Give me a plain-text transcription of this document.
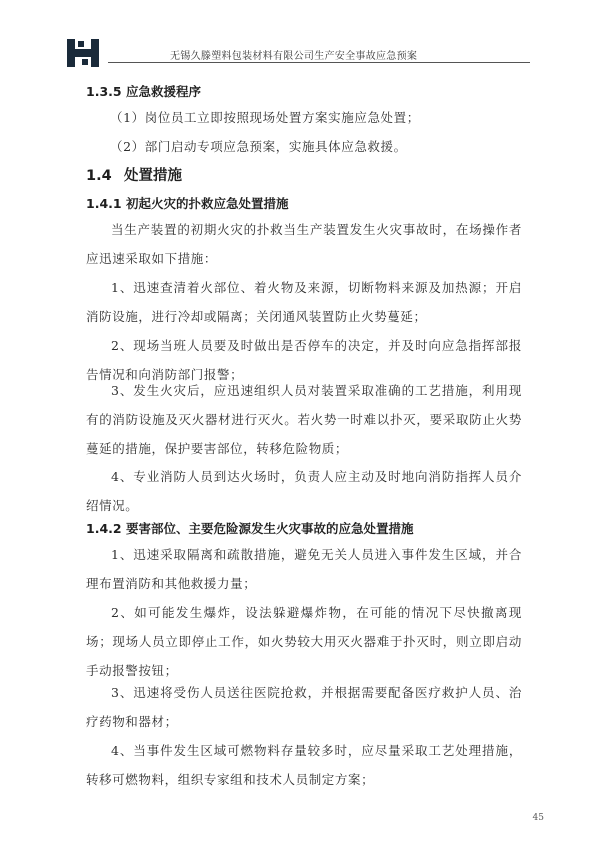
无锡久滕塑料包装材料有限公司生产安全事故应急预案
1.3.5 应急救援程序
（1）岗位员工立即按照现场处置方案实施应急处置；
（2）部门启动专项应急预案，实施具体应急救援。
1.4 处置措施
1.4.1 初起火灾的扑救应急处置措施
当生产装置的初期火灾的扑救当生产装置发生火灾事故时，在场操作者应迅速采取如下措施：
1、迅速查清着火部位、着火物及来源，切断物料来源及加热源；开启消防设施，进行冷却或隔离；关闭通风装置防止火势蔓延；
2、现场当班人员要及时做出是否停车的决定，并及时向应急指挥部报告情况和向消防部门报警；
3、发生火灾后，应迅速组织人员对装置采取准确的工艺措施，利用现有的消防设施及灭火器材进行灭火。若火势一时难以扑灭，要采取防止火势蔓延的措施，保护要害部位，转移危险物质；
4、专业消防人员到达火场时，负责人应主动及时地向消防指挥人员介绍情况。
1.4.2 要害部位、主要危险源发生火灾事故的应急处置措施
1、迅速采取隔离和疏散措施，避免无关人员进入事件发生区域，并合理布置消防和其他救援力量；
2、如可能发生爆炸，设法躲避爆炸物，在可能的情况下尽快撤离现场；现场人员立即停止工作，如火势较大用灭火器难于扑灭时，则立即启动手动报警按钮；
3、迅速将受伤人员送往医院抢救，并根据需要配备医疗救护人员、治疗药物和器材；
4、当事件发生区域可燃物料存量较多时，应尽量采取工艺处理措施，转移可燃物料，组织专家组和技术人员制定方案；
45
